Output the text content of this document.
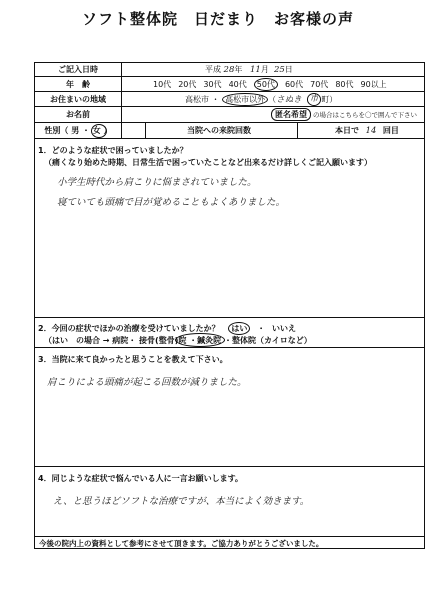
ソフト整体院　日だまり　お客様の声
ご記入日時	平成
28 年
11 月
25 日
年　齢	10代 20代 30代 40代	50代	60代 70代 80代 90以上
お住まいの地域	高松市
・
高松市以外 （ さぬき
市 町 ）
お名前	匿名希望 の場合はこちらを〇で囲んで下さい
性別（ 男 ・ 女 ）	当院への来院回数	本日で
14
回目
1．どのような症状で困っていましたか？
（痛くなり始めた時期、日常生活で困っていたことなど出来るだけ詳しくご記入願います）
小学生時代から肩こりに悩まされていました。
寝ていても頭痛で目が覚めることもよくありました。
2．今回の症状でほかの治療を受けていましたか？ はい ・ いいえ
（はい　の場合 → 病院・ 接骨(整骨)院 ・鍼灸院 ・整体院（カイロなど）
3．当院に来て良かったと思うことを教えて下さい。
肩こりによる頭痛が起こる回数が減りました。
4．同じような症状で悩んでいる人に一言お願いします。
え、と思うほどソフトな治療ですが、本当によく効きます。
今後の院内上の資料として参考にさせて頂きます。ご協力ありがとうございました。
